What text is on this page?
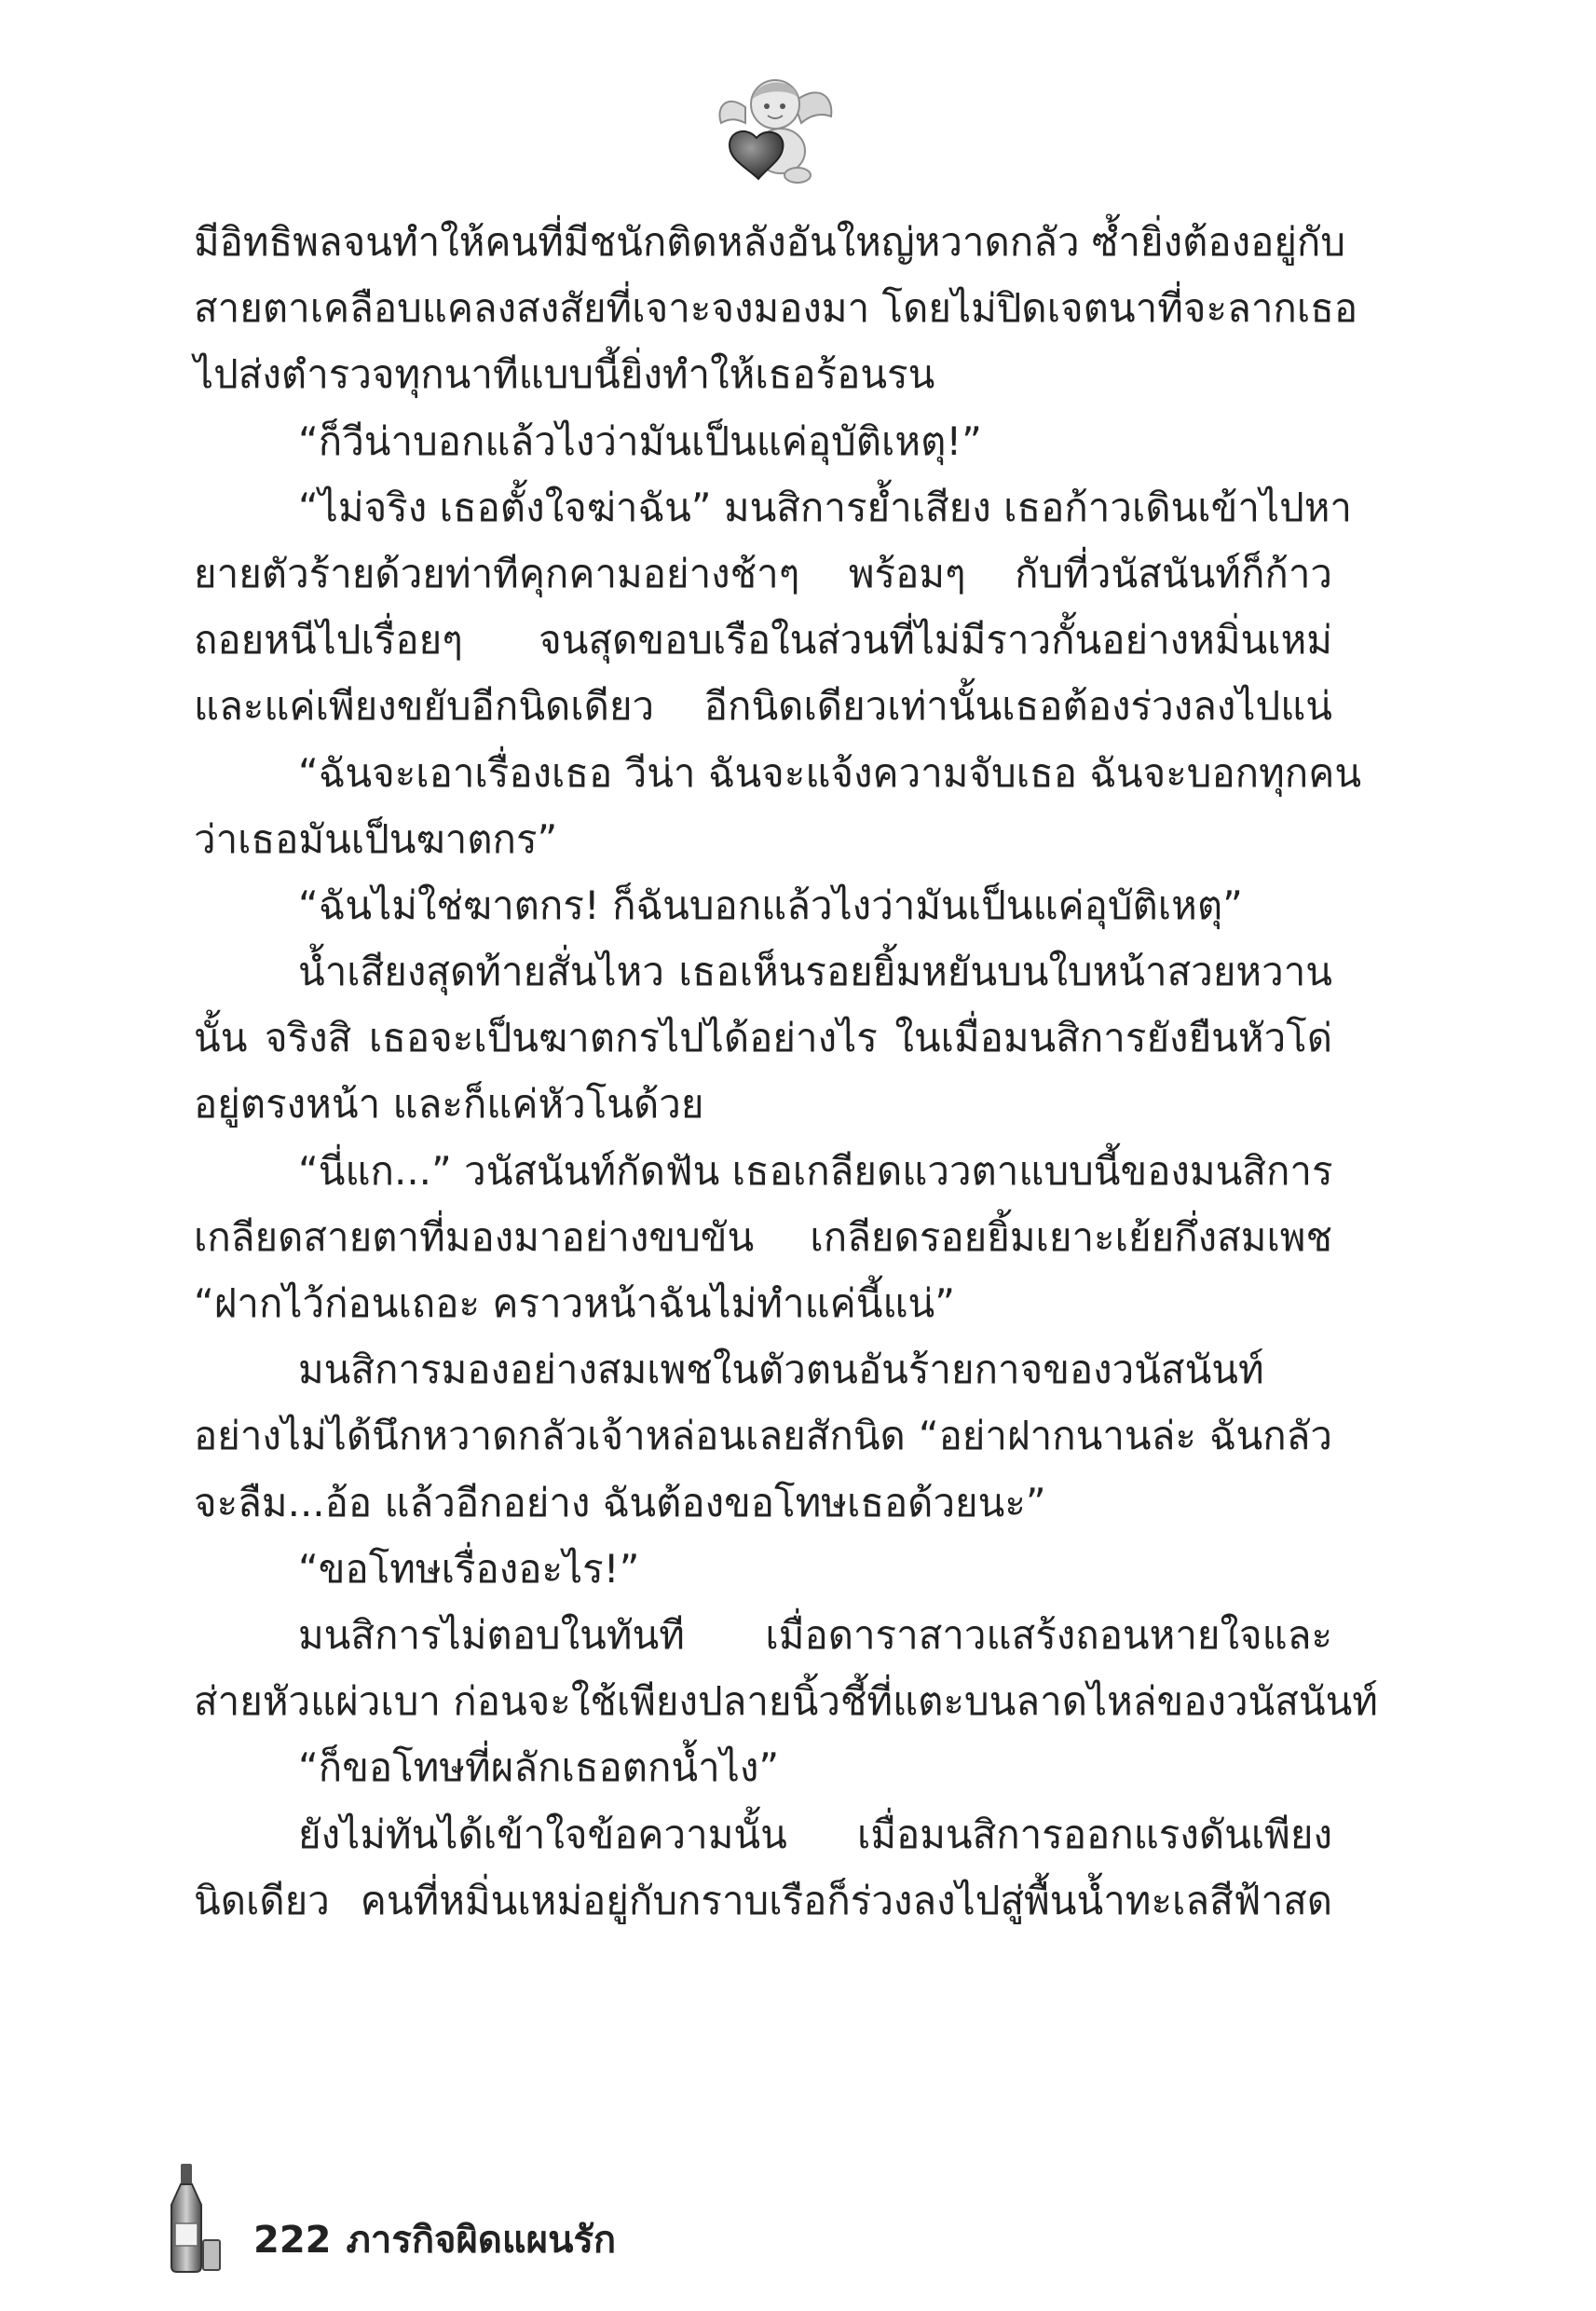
มีอิทธิพลจนทำให้คนที่มีชนักติดหลังอันใหญ่หวาดกลัว ซ้ำยิ่งต้องอยู่กับ
สายตาเคลือบแคลงสงสัยที่เจาะจงมองมา โดยไม่ปิดเจตนาที่จะลากเธอ
ไปส่งตำรวจทุกนาทีแบบนี้ยิ่งทำให้เธอร้อนรน
“ก็วีน่าบอกแล้วไงว่ามันเป็นแค่อุบัติเหตุ!”
“ไม่จริง เธอตั้งใจฆ่าฉัน” มนสิการย้ำเสียง เธอก้าวเดินเข้าไปหา
ยายตัวร้ายด้วยท่าทีคุกคามอย่างช้าๆ พร้อมๆ กับที่วนัสนันท์ก็ก้าว
ถอยหนีไปเรื่อยๆ จนสุดขอบเรือในส่วนที่ไม่มีราวกั้นอย่างหมิ่นเหม่
และแค่เพียงขยับอีกนิดเดียว อีกนิดเดียวเท่านั้นเธอต้องร่วงลงไปแน่
“ฉันจะเอาเรื่องเธอ วีน่า ฉันจะแจ้งความจับเธอ ฉันจะบอกทุกคน
ว่าเธอมันเป็นฆาตกร”
“ฉันไม่ใช่ฆาตกร! ก็ฉันบอกแล้วไงว่ามันเป็นแค่อุบัติเหตุ”
น้ำเสียงสุดท้ายสั่นไหว เธอเห็นรอยยิ้มหยันบนใบหน้าสวยหวาน
นั้น จริงสิ เธอจะเป็นฆาตกรไปได้อย่างไร ในเมื่อมนสิการยังยืนหัวโด่
อยู่ตรงหน้า และก็แค่หัวโนด้วย
“นี่แก...” วนัสนันท์กัดฟัน เธอเกลียดแววตาแบบนี้ของมนสิการ
เกลียดสายตาที่มองมาอย่างขบขัน เกลียดรอยยิ้มเยาะเย้ยกึ่งสมเพช
“ฝากไว้ก่อนเถอะ คราวหน้าฉันไม่ทำแค่นี้แน่”
มนสิการมองอย่างสมเพชในตัวตนอันร้ายกาจของวนัสนันท์
อย่างไม่ได้นึกหวาดกลัวเจ้าหล่อนเลยสักนิด “อย่าฝากนานล่ะ ฉันกลัว
จะลืม...อ้อ แล้วอีกอย่าง ฉันต้องขอโทษเธอด้วยนะ”
“ขอโทษเรื่องอะไร!”
มนสิการไม่ตอบในทันที เมื่อดาราสาวแสร้งถอนหายใจและ
ส่ายหัวแผ่วเบา ก่อนจะใช้เพียงปลายนิ้วชี้ที่แตะบนลาดไหล่ของวนัสนันท์
“ก็ขอโทษที่ผลักเธอตกน้ำไง”
ยังไม่ทันได้เข้าใจข้อความนั้น เมื่อมนสิการออกแรงดันเพียง
นิดเดียว คนที่หมิ่นเหม่อยู่กับกราบเรือก็ร่วงลงไปสู่พื้นน้ำทะเลสีฟ้าสด
222 ภารกิจผิดแผนรัก
